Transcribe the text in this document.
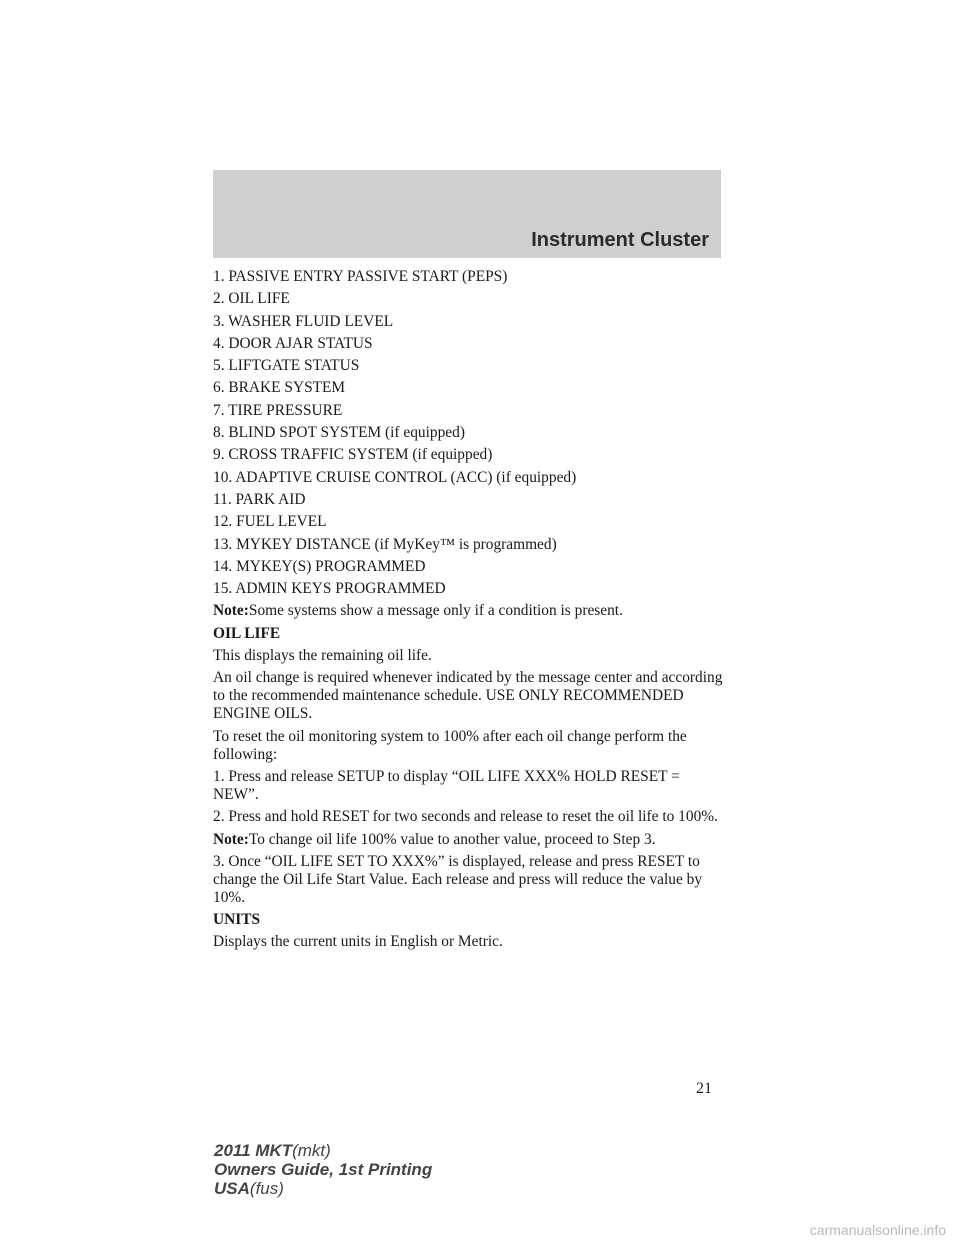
Instrument Cluster
1. PASSIVE ENTRY PASSIVE START (PEPS)
2. OIL LIFE
3. WASHER FLUID LEVEL
4. DOOR AJAR STATUS
5. LIFTGATE STATUS
6. BRAKE SYSTEM
7. TIRE PRESSURE
8. BLIND SPOT SYSTEM (if equipped)
9. CROSS TRAFFIC SYSTEM (if equipped)
10. ADAPTIVE CRUISE CONTROL (ACC) (if equipped)
11. PARK AID
12. FUEL LEVEL
13. MYKEY DISTANCE (if MyKey™ is programmed)
14. MYKEY(S) PROGRAMMED
15. ADMIN KEYS PROGRAMMED

Note:Some systems show a message only if a condition is present.

OIL LIFE

This displays the remaining oil life.

An oil change is required whenever indicated by the message center and according to the recommended maintenance schedule. USE ONLY RECOMMENDED ENGINE OILS.

To reset the oil monitoring system to 100% after each oil change perform the following:

1. Press and release SETUP to display “OIL LIFE XXX% HOLD RESET = NEW”.

2. Press and hold RESET for two seconds and release to reset the oil life to 100%.

Note:To change oil life 100% value to another value, proceed to Step 3.

3. Once “OIL LIFE SET TO XXX%” is displayed, release and press RESET to change the Oil Life Start Value. Each release and press will reduce the value by 10%.

UNITS

Displays the current units in English or Metric.

21
2011 MKT(mkt)
Owners Guide, 1st Printing
USA(fus)
carmanualsonline.info
